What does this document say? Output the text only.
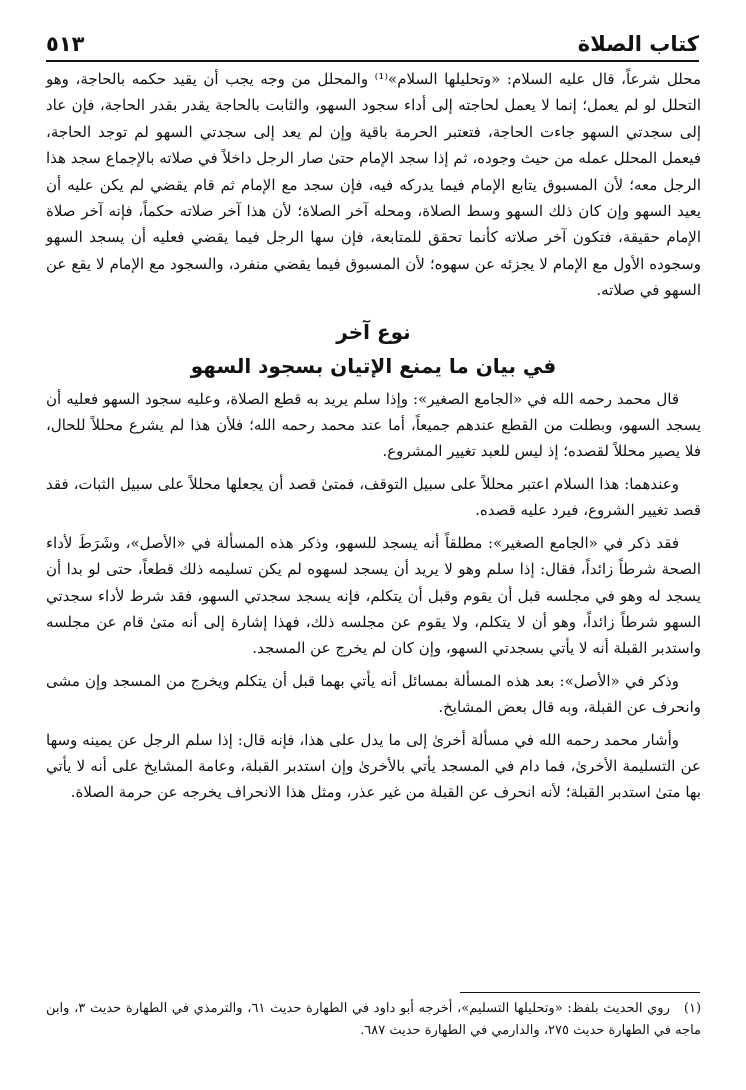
كتاب الصلاة
٥١٣

محلل شرعاً، قال عليه السلام: «وتحليلها السلام»⁽¹⁾ والمحلل من وجه يجب أن يقيد حكمه بالحاجة، وهو التحلل لو لم يعمل؛ إنما لا يعمل لحاجته إلى أداء سجود السهو، والثابت بالحاجة يقدر بقدر الحاجة، فإن عاد إلى سجدتي السهو جاءت الحاجة، فتعتبر الحرمة باقية وإن لم يعد إلى سجدتي السهو لم توجد الحاجة، فيعمل المحلل عمله من حيث وجوده، ثم إذا سجد الإمام حتىٰ صار الرجل داخلاً في صلاته بالإجماع سجد هذا الرجل معه؛ لأن المسبوق يتابع الإمام فيما يدركه فيه، فإن سجد مع الإمام ثم قام يقضي لم يكن عليه أن يعيد السهو وإن كان ذلك السهو وسط الصلاة، ومحله آخر الصلاة؛ لأن هذا آخر صلاته حكماً، فإنه آخر صلاة الإمام حقيقة، فتكون آخر صلاته كأنما تحقق للمتابعة، فإن سها الرجل فيما يقضي فعليه أن يسجد السهو وسجوده الأول مع الإمام لا يجزئه عن سهوه؛ لأن المسبوق فيما يقضي منفرد، والسجود مع الإمام لا يقع عن السهو في صلاته.

نوع آخر
في بيان ما يمنع الإتيان بسجود السهو

قال محمد رحمه الله في «الجامع الصغير»: وإذا سلم يريد به قطع الصلاة، وعليه سجود السهو فعليه أن يسجد السهو، وبطلت من القطع عندهم جميعاً، أما عند محمد رحمه الله؛ فلأن هذا لم يشرع محللاً للحال، فلا يصير محللاً لقصده؛ إذ ليس للعبد تغيير المشروع.

وعندهما: هذا السلام اعتبر محللاً على سبيل التوقف، فمتىٰ قصد أن يجعلها محللاً على سبيل الثبات، فقد قصد تغيير الشروع، فيرد عليه قصده.

فقد ذكر في «الجامع الصغير»: مطلقاً أنه يسجد للسهو، وذكر هذه المسألة في «الأصل»، وشَرَطَ لأداء الصحة شرطاً زائداً، فقال: إذا سلم وهو لا يريد أن يسجد لسهوه لم يكن تسليمه ذلك قطعاً، حتى لو بدا أن يسجد له وهو في مجلسه قبل أن يقوم وقبل أن يتكلم، فإنه يسجد سجدتي السهو، فقد شرط لأداء سجدتي السهو شرطاً زائداً، وهو أن لا يتكلم، ولا يقوم عن مجلسه ذلك، فهذا إشارة إلى أنه متىٰ قام عن مجلسه واستدبر القبلة أنه لا يأتي بسجدتي السهو، وإن كان لم يخرج عن المسجد.

وذكر في «الأصل»: بعد هذه المسألة بمسائل أنه يأتي بهما قبل أن يتكلم ويخرج من المسجد وإن مشى وانحرف عن القبلة، وبه قال بعض المشايخ.

وأشار محمد رحمه الله في مسألة أخرىٰ إلى ما يدل على هذا، فإنه قال: إذا سلم الرجل عن يمينه وسها عن التسليمة الأخرىٰ، فما دام في المسجد يأتي بالأخرىٰ وإن استدبر القبلة، وعامة المشايخ على أنه لا يأتي بها متىٰ استدبر القبلة؛ لأنه انحرف عن القبلة من غير عذر، ومثل هذا الانحراف يخرجه عن حرمة الصلاة.

(١)روي الحديث بلفظ: «وتحليلها التسليم»، أخرجه أبو داود في الطهارة حديث ٦١، والترمذي في الطهارة حديث ٣، وابن ماجه في الطهارة حديث ٢٧٥، والدارمي في الطهارة حديث ٦٨٧.
